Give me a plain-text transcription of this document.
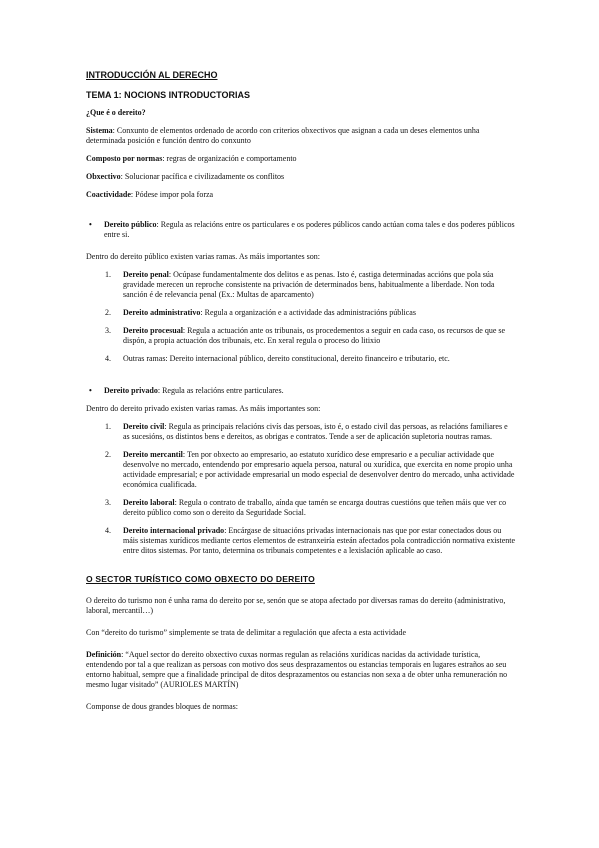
INTRODUCCIÓN AL DERECHO
TEMA 1: NOCIONS INTRODUCTORIAS

¿Que é o dereito?

Sistema: Conxunto de elementos ordenado de acordo con criterios obxectivos que asignan a cada un deses elementos unha determinada posición e función dentro do conxunto

Composto por normas: regras de organización e comportamento

Obxectivo: Solucionar pacífica e civilizadamente os conflitos

Coactividade: Pódese impor pola forza

• Dereito público: Regula as relacións entre os particulares e os poderes públicos cando actúan coma tales e dos poderes públicos entre si.

Dentro do dereito público existen varias ramas. As máis importantes son:

1. Dereito penal: Ocúpase fundamentalmente dos delitos e as penas. Isto é, castiga determinadas accións que pola súa gravidade merecen un reproche consistente na privación de determinados bens, habitualmente a liberdade. Non toda sanción é de relevancia penal (Ex.: Multas de aparcamento)
2. Dereito administrativo: Regula a organización e a actividade das administracións públicas
3. Dereito procesual: Regula a actuación ante os tribunais, os procedementos a seguir en cada caso, os recursos de que se dispón, a propia actuación dos tribunais, etc. En xeral regula o proceso do litixio
4. Outras ramas: Dereito internacional público, dereito constitucional, dereito financeiro e tributario, etc.
• Dereito privado: Regula as relacións entre particulares.

Dentro do dereito privado existen varias ramas. As máis importantes son:

1. Dereito civil: Regula as principais relacións civís das persoas, isto é, o estado civil das persoas, as relacións familiares e as sucesións, os distintos bens e dereitos, as obrigas e contratos. Tende a ser de aplicación supletoria noutras ramas.
2. Dereito mercantil: Ten por obxecto ao empresario, ao estatuto xurídico dese empresario e a peculiar actividade que desenvolve no mercado, entendendo por empresario aquela persoa, natural ou xurídica, que exercita en nome propio unha actividade empresarial; e por actividade empresarial un modo especial de desenvolver dentro do mercado, unha actividade económica cualificada.
3. Dereito laboral: Regula o contrato de traballo, aínda que tamén se encarga doutras cuestións que teñen máis que ver co dereito público como son o dereito da Seguridade Social.
4. Dereito internacional privado: Encárgase de situacións privadas internacionais nas que por estar conectados dous ou máis sistemas xurídicos mediante certos elementos de estranxeiría esteán afectados pola contradicción normativa existente entre ditos sistemas. Por tanto, determina os tribunais competentes e a lexislación aplicable ao caso.
O SECTOR TURÍSTICO COMO OBXECTO DO DEREITO

O dereito do turismo non é unha rama do dereito por se, senón que se atopa afectado por diversas ramas do dereito (administrativo, laboral, mercantil…)

Con “dereito do turismo” simplemente se trata de delimitar a regulación que afecta a esta actividade

Definición: “Aquel sector do dereito obxectivo cuxas normas regulan as relacións xurídicas nacidas da actividade turística, entendendo por tal a que realizan as persoas con motivo dos seus desprazamentos ou estancias temporais en lugares estraños ao seu entorno habitual, sempre que a finalidade principal de ditos desprazamentos ou estancias non sexa a de obter unha remuneración no mesmo lugar visitado” (AURIOLES MARTÍN)

Componse de dous grandes bloques de normas:
